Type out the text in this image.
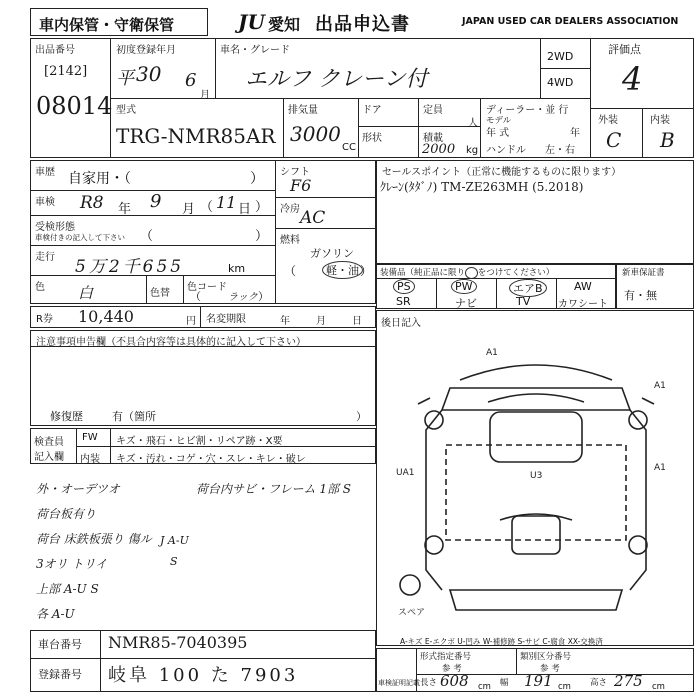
車内保管・守衛保管	JU 愛知 出品申込書	JAPAN USED CAR DEALERS ASSOCIATION
出品番号
[2142]
08014
初度登録年月
平 30 6
月
車名・グレード
エルフ クレーン付
2WD
4WD
評価点
4
外装	内装
C B
型式
TRG-NMR85AR
排気量
3000
CC
ドア	定員
人
形状	積載
2000 kg
ディーラー・並 行
モデル
年 式	年
ハンドル 左・右
車歴 自家用・（	）
車検 R8 年 9 月 （ 11 日 ）
受検形態
車検付きの記入して下さい （	）
走行 5万2千655	km
色 白	色替
色コード
（	ラック ）
シフト
F6
冷房 AC
燃料
ガソリン
（	軽・油 ）
セールスポイント（正常に機能するものに限ります）
ｸﾚｰﾝ(ﾀﾀﾞﾉ) TM-ZE263MH (5.2018)
装備品（純正品に限り をつけてください）
PS	PW	エアB	AW
SR	ナビ	TV	カワシート
新車保証書
有・無
R券 10,440	円 名変期限	年	月	日
注意事項申告欄（不具合内容等は具体的に記入して下さい）
修復歴	有（箇所	）
検査員
記入欄
FW キズ・飛石・ヒビ割・リペア跡・X要
内装 キズ・汚れ・コゲ・穴・スレ・キレ・破レ
外・オーデツオ	荷台内サビ・フレーム 1部 S
荷台板有り
荷台 床鉄板張り 傷ル J A-U
3オリ トリイ	S
上部 A-U S
各 A-U
後日記入
A1
A1
UA1	U3
A1
スペア
A-キズ E-エクボ U-凹み W-補修跡 S-サビ C-腐食 XX-交換済
車台番号 NMR85-7040395
登録番号 岐阜 100 た 7903
形式指定番号	類別区分番号
参 考	参 考
車検証明記載 長さ 608 cm 幅 191 cm 高さ 275 cm
